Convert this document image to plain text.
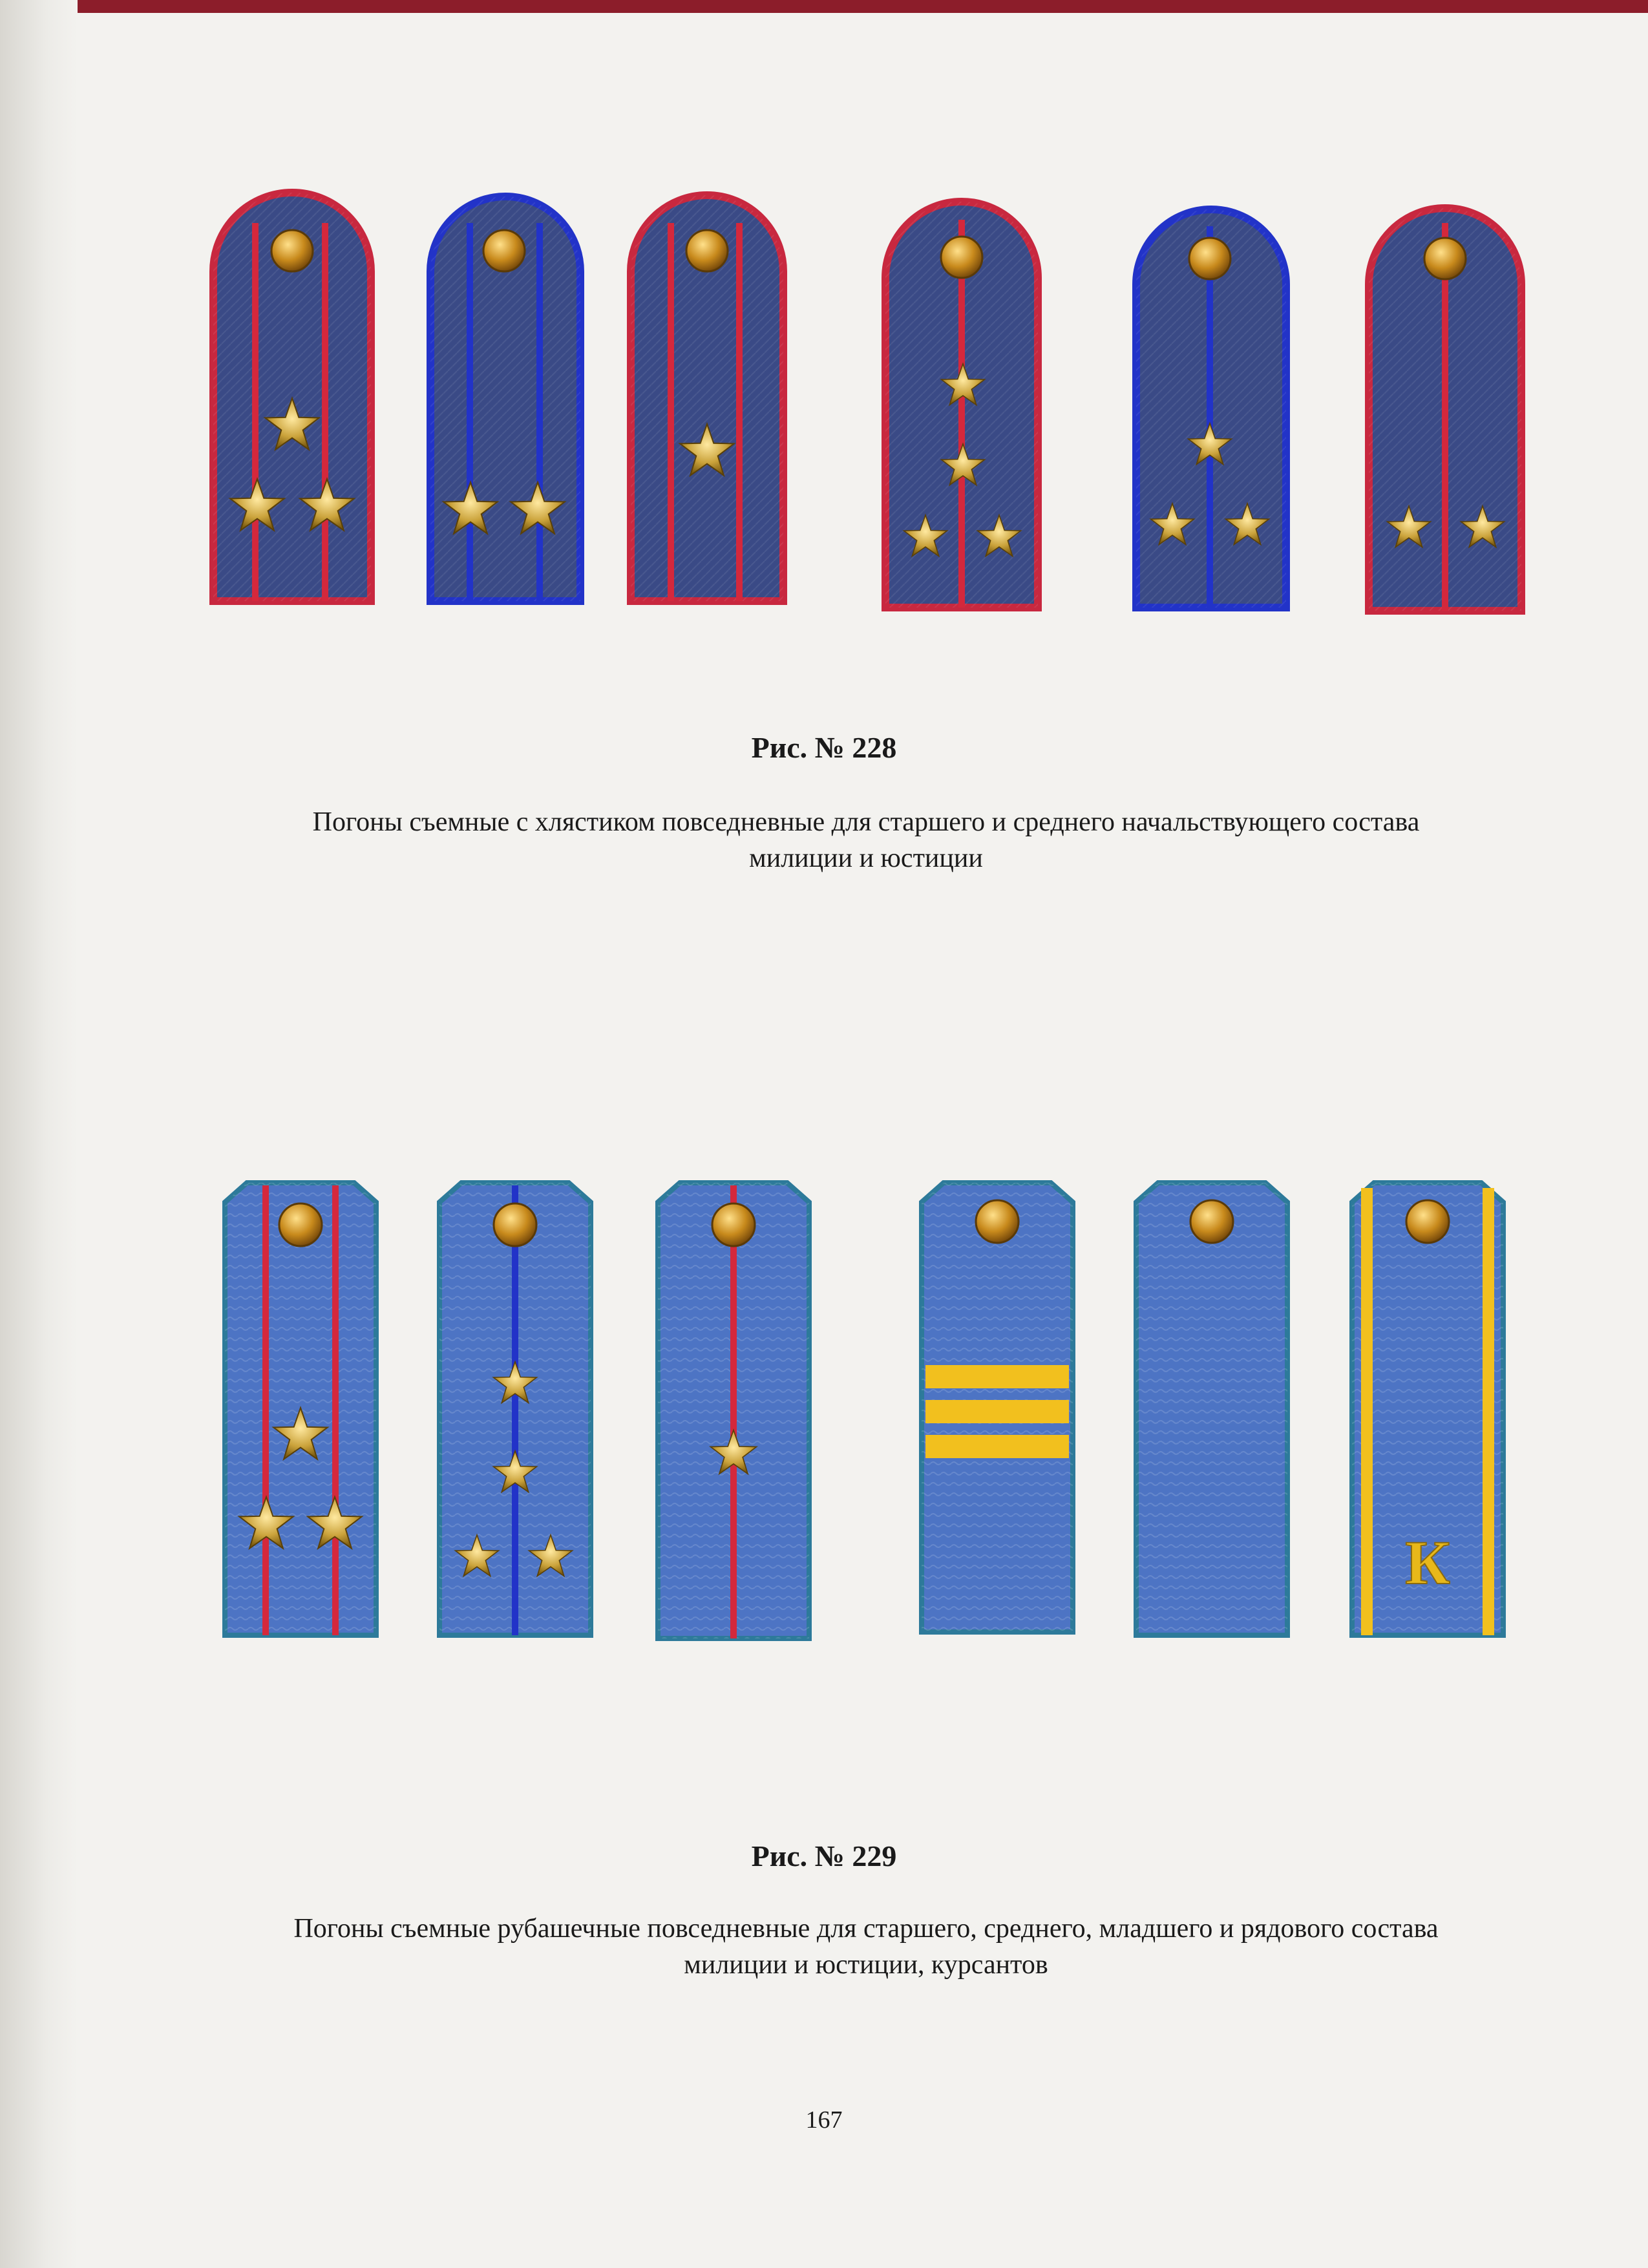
К
Рис. № 228
Погоны съемные с хлястиком повседневные для старшего и среднего начальствующего состава милиции и юстиции
Рис. № 229
Погоны съемные рубашечные повседневные для старшего, среднего, младшего и рядового состава милиции и юстиции, курсантов
167
